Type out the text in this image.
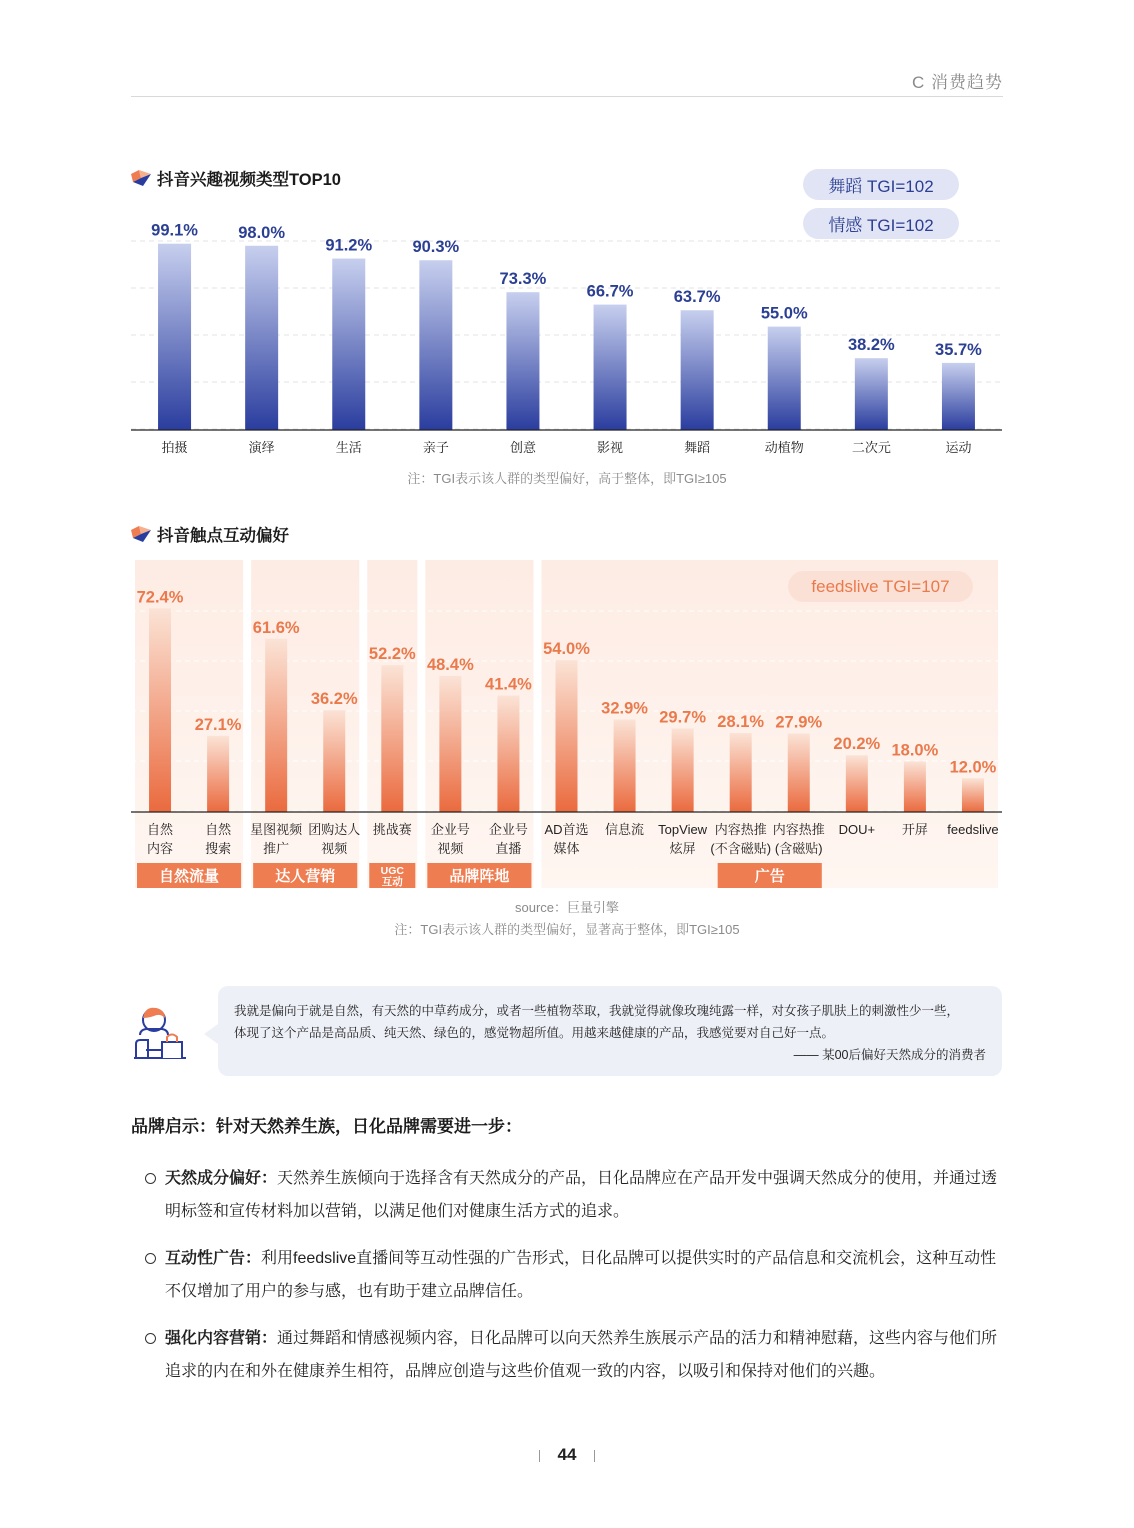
C 消费趋势
抖音兴趣视频类型TOP10	舞蹈 TGI=102
情感 TGI=102
99.1%
拍摄
98.0%
演绎
91.2%
生活
90.3%
亲子
73.3%
创意
66.7%
影视
63.7%
舞蹈
55.0%
动植物
38.2%
二次元
35.7%
运动
注：TGI表示该人群的类型偏好，高于整体，即TGI≥105
抖音触点互动偏好
72.4%
自然
内容
27.1%
自然
搜索
61.6%
星图视频
推广
36.2%
团购达人
视频
52.2%
挑战赛
48.4%
企业号
视频
41.4%
企业号
直播
54.0%
AD首选
媒体
32.9%
信息流
29.7%
TopView
炫屏
28.1%
内容热推
(不含磁贴)
27.9%
内容热推
(含磁贴)
20.2%
DOU+
18.0%
开屏
12.0%
feedslive
自然流量	达人营销	UGC
互动	品牌阵地	广告
feedslive TGI=107
source：巨量引擎
注：TGI表示该人群的类型偏好，显著高于整体，即TGI≥105
我就是偏向于就是自然，有天然的中草药成分，或者一些植物萃取，我就觉得就像玫瑰纯露一样，对女孩子肌肤上的刺激性少一些，
体现了这个产品是高品质、纯天然、绿色的，感觉物超所值。用越来越健康的产品，我感觉要对自己好一点。
—— 某00后偏好天然成分的消费者
品牌启示：针对天然养生族，日化品牌需要进一步：
天然成分偏好：天然养生族倾向于选择含有天然成分的产品，日化品牌应在产品开发中强调天然成分的使用，并通过透明标签和宣传材料加以营销，以满足他们对健康生活方式的追求。
互动性广告：利用feedslive直播间等互动性强的广告形式，日化品牌可以提供实时的产品信息和交流机会，这种互动性不仅增加了用户的参与感，也有助于建立品牌信任。
强化内容营销：通过舞蹈和情感视频内容，日化品牌可以向天然养生族展示产品的活力和精神慰藉，这些内容与他们所追求的内在和外在健康养生相符，品牌应创造与这些价值观一致的内容，以吸引和保持对他们的兴趣。
44
